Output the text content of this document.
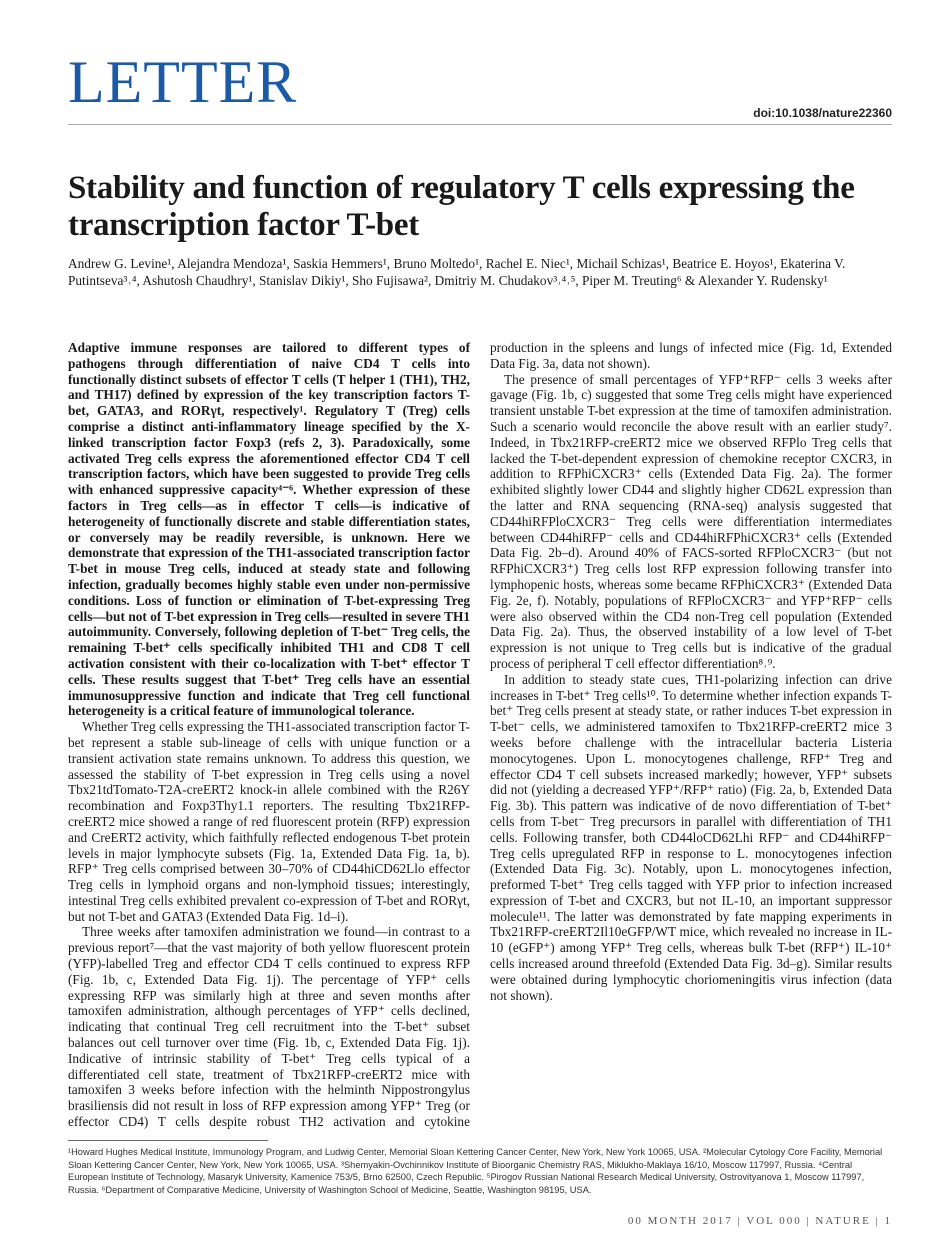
LETTER	doi:10.1038/nature22360
Stability and function of regulatory T cells expressing the transcription factor T-bet

Andrew G. Levine¹, Alejandra Mendoza¹, Saskia Hemmers¹, Bruno Moltedo¹, Rachel E. Niec¹, Michail Schizas¹, Beatrice E. Hoyos¹, Ekaterina V. Putintseva³˒⁴, Ashutosh Chaudhry¹, Stanislav Dikiy¹, Sho Fujisawa², Dmitriy M. Chudakov³˒⁴˒⁵, Piper M. Treuting⁶ & Alexander Y. Rudensky¹

Adaptive immune responses are tailored to different types of pathogens through differentiation of naive CD4 T cells into functionally distinct subsets of effector T cells (T helper 1 (TH1), TH2, and TH17) defined by expression of the key transcription factors T-bet, GATA3, and RORγt, respectively¹. Regulatory T (Treg) cells comprise a distinct anti-inflammatory lineage specified by the X-linked transcription factor Foxp3 (refs 2, 3). Paradoxically, some activated Treg cells express the aforementioned effector CD4 T cell transcription factors, which have been suggested to provide Treg cells with enhanced suppressive capacity⁴⁻⁶. Whether expression of these factors in Treg cells—as in effector T cells—is indicative of heterogeneity of functionally discrete and stable differentiation states, or conversely may be readily reversible, is unknown. Here we demonstrate that expression of the TH1-associated transcription factor T-bet in mouse Treg cells, induced at steady state and following infection, gradually becomes highly stable even under non-permissive conditions. Loss of function or elimination of T-bet-expressing Treg cells—but not of T-bet expression in Treg cells—resulted in severe TH1 autoimmunity. Conversely, following depletion of T-bet⁻ Treg cells, the remaining T-bet⁺ cells specifically inhibited TH1 and CD8 T cell activation consistent with their co-localization with T-bet⁺ effector T cells. These results suggest that T-bet⁺ Treg cells have an essential immunosuppressive function and indicate that Treg cell functional heterogeneity is a critical feature of immunological tolerance.

Whether Treg cells expressing the TH1-associated transcription factor T-bet represent a stable sub-lineage of cells with unique function or a transient activation state remains unknown. To address this question, we assessed the stability of T-bet expression in Treg cells using a novel Tbx21tdTomato-T2A-creERT2 knock-in allele combined with the R26Y recombination and Foxp3Thy1.1 reporters. The resulting Tbx21RFP-creERT2 mice showed a range of red fluorescent protein (RFP) expression and CreERT2 activity, which faithfully reflected endogenous T-bet protein levels in major lymphocyte subsets (Fig. 1a, Extended Data Fig. 1a, b). RFP⁺ Treg cells comprised between 30–70% of CD44hiCD62Llo effector Treg cells in lymphoid organs and non-lymphoid tissues; interestingly, intestinal Treg cells exhibited prevalent co-expression of T-bet and RORγt, but not T-bet and GATA3 (Extended Data Fig. 1d–i).

Three weeks after tamoxifen administration we found—in contrast to a previous report⁷—that the vast majority of both yellow fluorescent protein (YFP)-labelled Treg and effector CD4 T cells continued to express RFP (Fig. 1b, c, Extended Data Fig. 1j). The percentage of YFP⁺ cells expressing RFP was similarly high at three and seven months after tamoxifen administration, although percentages of YFP⁺ cells declined, indicating that continual Treg cell recruitment into the T-bet⁺ subset balances out cell turnover over time (Fig. 1b, c, Extended Data Fig. 1j). Indicative of intrinsic stability of T-bet⁺ Treg cells typical of a differentiated cell state, treatment of Tbx21RFP-creERT2 mice with tamoxifen 3 weeks before infection with the helminth Nippostrongylus brasiliensis did not result in loss of RFP expression among YFP⁺ Treg (or effector CD4) T cells despite robust TH2 activation and cytokine production in the spleens and lungs of infected mice (Fig. 1d, Extended Data Fig. 3a, data not shown).

The presence of small percentages of YFP⁺RFP⁻ cells 3 weeks after gavage (Fig. 1b, c) suggested that some Treg cells might have experienced transient unstable T-bet expression at the time of tamoxifen administration. Such a scenario would reconcile the above result with an earlier study⁷. Indeed, in Tbx21RFP-creERT2 mice we observed RFPlo Treg cells that lacked the T-bet-dependent expression of chemokine receptor CXCR3, in addition to RFPhiCXCR3⁺ cells (Extended Data Fig. 2a). The former exhibited slightly lower CD44 and slightly higher CD62L expression than the latter and RNA sequencing (RNA-seq) analysis suggested that CD44hiRFPloCXCR3⁻ Treg cells were differentiation intermediates between CD44hiRFP⁻ cells and CD44hiRFPhiCXCR3⁺ cells (Extended Data Fig. 2b–d). Around 40% of FACS-sorted RFPloCXCR3⁻ (but not RFPhiCXCR3⁺) Treg cells lost RFP expression following transfer into lymphopenic hosts, whereas some became RFPhiCXCR3⁺ (Extended Data Fig. 2e, f). Notably, populations of RFPloCXCR3⁻ and YFP⁺RFP⁻ cells were also observed within the CD4 non-Treg cell population (Extended Data Fig. 2a). Thus, the observed instability of a low level of T-bet expression is not unique to Treg cells but is indicative of the gradual process of peripheral T cell effector differentiation⁸˒⁹.

In addition to steady state cues, TH1-polarizing infection can drive increases in T-bet⁺ Treg cells¹⁰. To determine whether infection expands T-bet⁺ Treg cells present at steady state, or rather induces T-bet expression in T-bet⁻ cells, we administered tamoxifen to Tbx21RFP-creERT2 mice 3 weeks before challenge with the intracellular bacteria Listeria monocytogenes. Upon L. monocytogenes challenge, RFP⁺ Treg and effector CD4 T cell subsets increased markedly; however, YFP⁺ subsets did not (yielding a decreased YFP⁺/RFP⁺ ratio) (Fig. 2a, b, Extended Data Fig. 3b). This pattern was indicative of de novo differentiation of T-bet⁺ cells from T-bet⁻ Treg precursors in parallel with differentiation of TH1 cells. Following transfer, both CD44loCD62Lhi RFP⁻ and CD44hiRFP⁻ Treg cells upregulated RFP in response to L. monocytogenes infection (Extended Data Fig. 3c). Notably, upon L. monocytogenes infection, preformed T-bet⁺ Treg cells tagged with YFP prior to infection increased expression of T-bet and CXCR3, but not IL-10, an important suppressor molecule¹¹. The latter was demonstrated by fate mapping experiments in Tbx21RFP-creERT2Il10eGFP/WT mice, which revealed no increase in IL-10 (eGFP⁺) among YFP⁺ Treg cells, whereas bulk T-bet (RFP⁺) IL-10⁺ cells increased around threefold (Extended Data Fig. 3d–g). Similar results were obtained during lymphocytic choriomeningitis virus infection (data not shown).

¹Howard Hughes Medical Institute, Immunology Program, and Ludwig Center, Memorial Sloan Kettering Cancer Center, New York, New York 10065, USA. ²Molecular Cytology Core Facility, Memorial Sloan Kettering Cancer Center, New York, New York 10065, USA. ³Shemyakin-Ovchinnikov Institute of Bioorganic Chemistry RAS, Miklukho-Maklaya 16/10, Moscow 117997, Russia. ⁴Central European Institute of Technology, Masaryk University, Kamenice 753/5, Brno 62500, Czech Republic. ⁵Pirogov Russian National Research Medical University, Ostrovityanova 1, Moscow 117997, Russia. ⁶Department of Comparative Medicine, University of Washington School of Medicine, Seattle, Washington 98195, USA.

00 MONTH 2017 | VOL 000 | NATURE | 1
